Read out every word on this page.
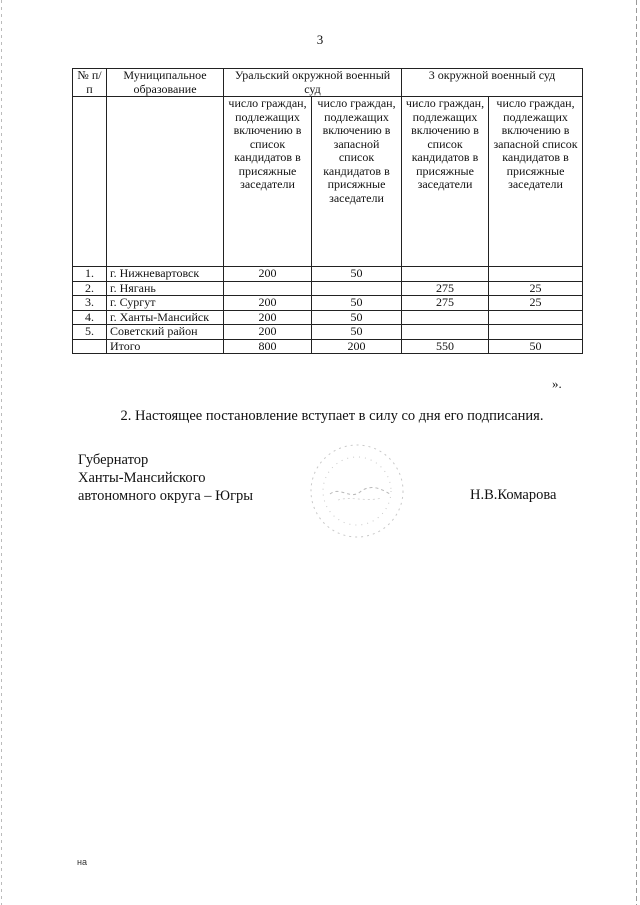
3
№ п/п	Муниципальное образование	Уральский окружной военный суд		3 окружной военный суд	
		число граждан, подлежащих включению в список кандидатов в присяжные заседатели	число граждан, подлежащих включению в запасной список кандидатов в присяжные заседатели	число граждан, подлежащих включению в список кандидатов в присяжные заседатели	число граждан, подлежащих включению в запасной список кандидатов в присяжные заседатели
1.	г. Нижневартовск	200	50		
2.	г. Нягань			275	25
3.	г. Сургут	200	50	275	25
4.	г. Ханты-Мансийск	200	50		
5.	Советский район	200	50		
	Итого	800	200	550	50
».
2. Настоящее постановление вступает в силу со дня его подписания.
Губернатор
Ханты-Мансийского
автономного округа – Югры	Н.В.Комарова
на
